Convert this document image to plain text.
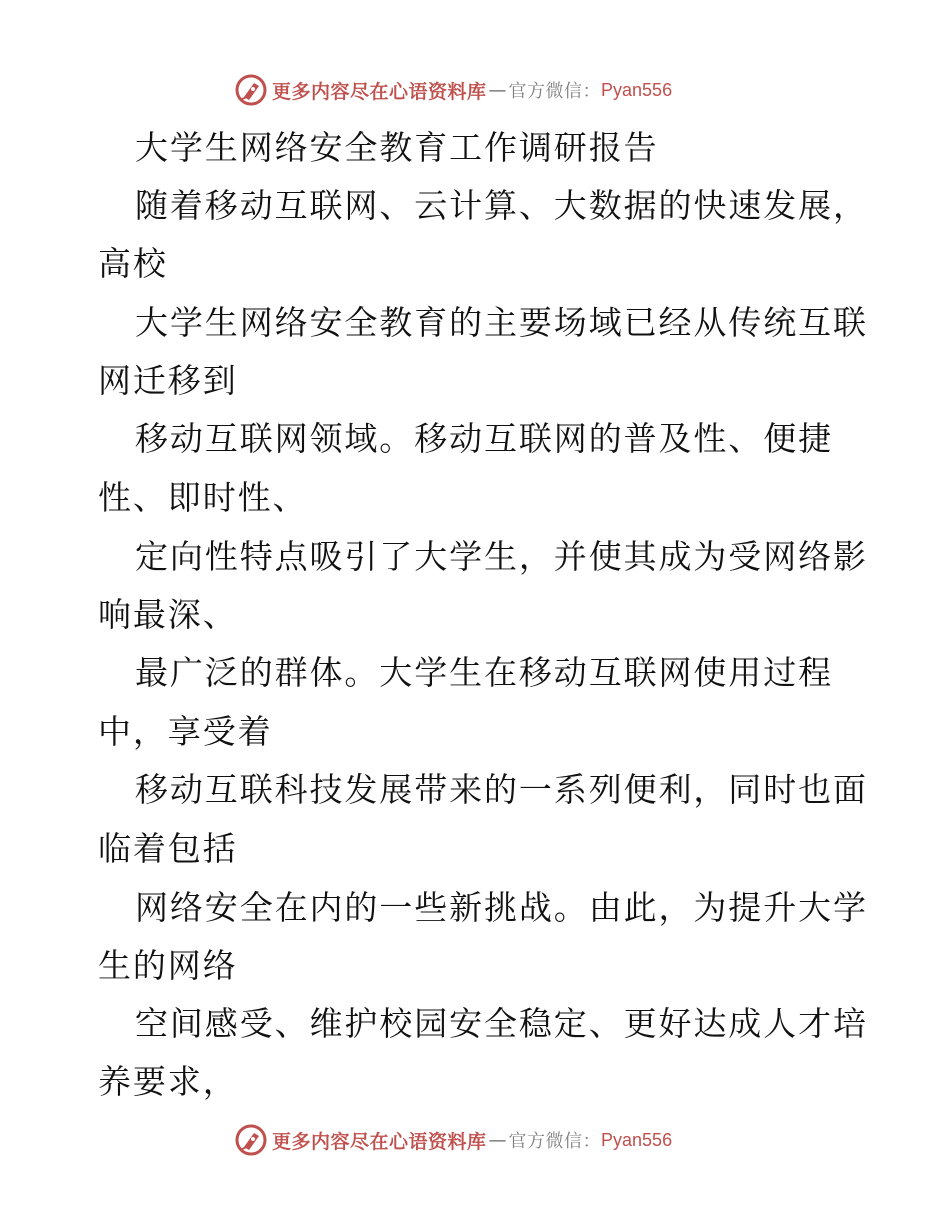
更多内容尽在心语资料库 — 官方微信： Pyan556
大学生网络安全教育工作调研报告
随着移动互联网、云计算、大数据的快速发展，
高校
大学生网络安全教育的主要场域已经从传统互联
网迁移到
移动互联网领域。移动互联网的普及性、便捷
性、即时性、
定向性特点吸引了大学生，并使其成为受网络影
响最深、
最广泛的群体。大学生在移动互联网使用过程
中，享受着
移动互联科技发展带来的一系列便利，同时也面
临着包括
网络安全在内的一些新挑战。由此，为提升大学
生的网络
空间感受、维护校园安全稳定、更好达成人才培
养要求，
更多内容尽在心语资料库 — 官方微信： Pyan556
